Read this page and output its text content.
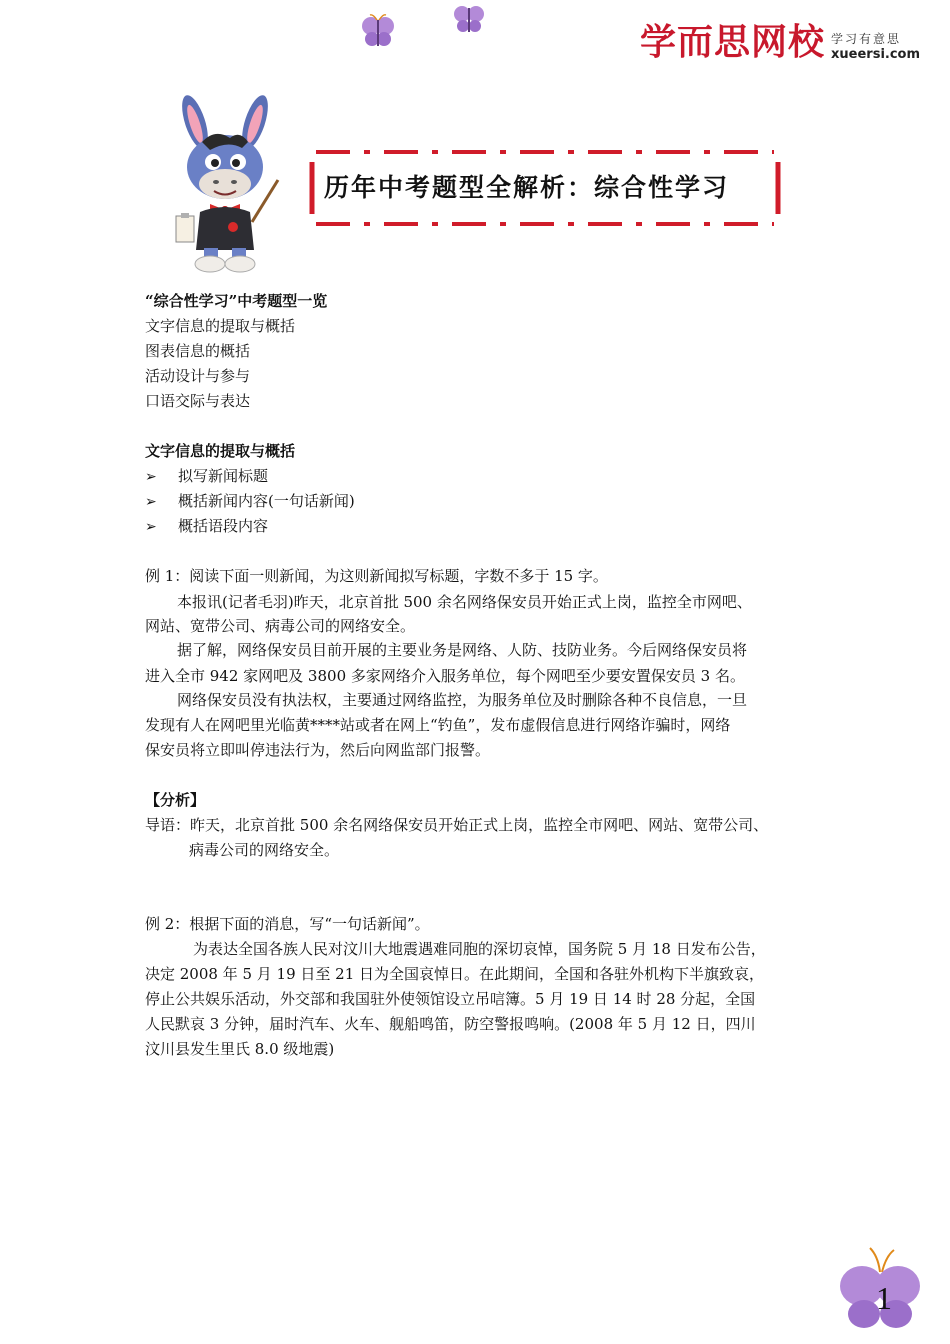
学而思网校 学习有意思
xueersi.com
历年中考题型全解析：综合性学习
“综合性学习”中考题型一览
文字信息的提取与概括
图表信息的概括
活动设计与参与
口语交际与表达
文字信息的提取与概括
➢ 拟写新闻标题
➢ 概括新闻内容(一句话新闻)
➢ 概括语段内容
例 1：阅读下面一则新闻，为这则新闻拟写标题，字数不多于 15 字。
本报讯(记者毛羽)昨天，北京首批 500 余名网络保安员开始正式上岗，监控全市网吧、
网站、宽带公司、病毒公司的网络安全。
据了解，网络保安员目前开展的主要业务是网络、人防、技防业务。今后网络保安员将
进入全市 942 家网吧及 3800 多家网络介入服务单位，每个网吧至少要安置保安员 3 名。
网络保安员没有执法权，主要通过网络监控，为服务单位及时删除各种不良信息，一旦
发现有人在网吧里光临黄****站或者在网上“钓鱼”，发布虚假信息进行网络诈骗时，网络
保安员将立即叫停违法行为，然后向网监部门报警。
【分析】
导语：昨天，北京首批 500 余名网络保安员开始正式上岗，监控全市网吧、网站、宽带公司、
病毒公司的网络安全。
例 2：根据下面的消息，写“一句话新闻”。
为表达全国各族人民对汶川大地震遇难同胞的深切哀悼，国务院 5 月 18 日发布公告，
决定 2008 年 5 月 19 日至 21 日为全国哀悼日。在此期间，全国和各驻外机构下半旗致哀，
停止公共娱乐活动，外交部和我国驻外使领馆设立吊唁簿。5 月 19 日 14 时 28 分起，全国
人民默哀 3 分钟，届时汽车、火车、舰船鸣笛，防空警报鸣响。(2008 年 5 月 12 日，四川
汶川县发生里氏 8.0 级地震)
1
